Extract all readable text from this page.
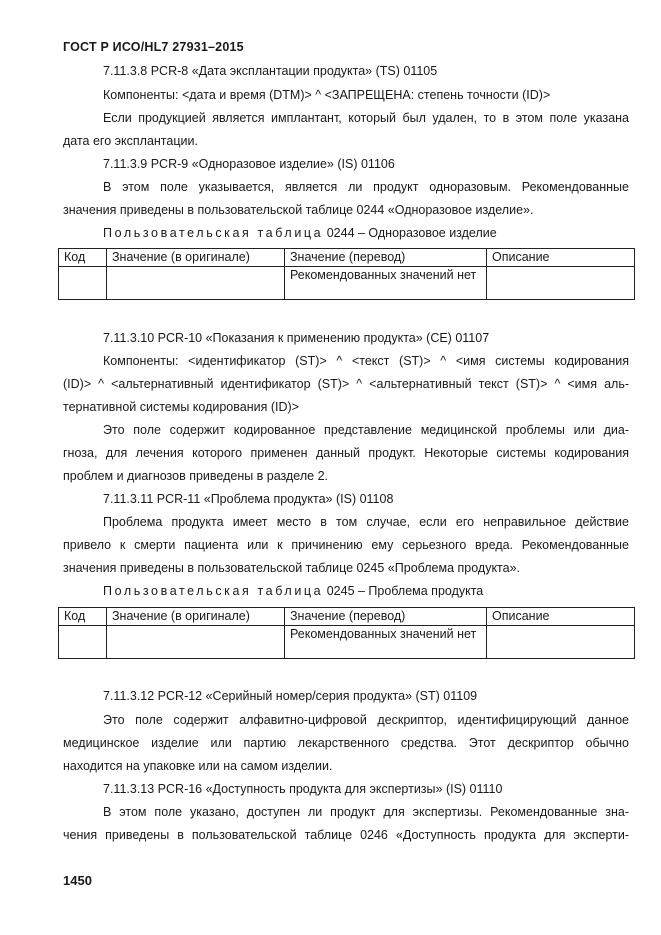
ГОСТ Р ИСО/HL7 27931–2015
7.11.3.8 PCR-8 «Дата эксплантации продукта» (TS) 01105
Компоненты: <дата и время (DTM)> ^ <ЗАПРЕЩЕНА: степень точности (ID)>
Если продукцией является имплантант, который был удален, то в этом поле указана
дата его эксплантации.
7.11.3.9 PCR-9 «Одноразовое изделие» (IS) 01106
В этом поле указывается, является ли продукт одноразовым. Рекомендованные
значения приведены в пользовательской таблице 0244 «Одноразовое изделие».
Пользовательская таблица 0244 – Одноразовое изделие
Код	Значение (в оригинале)	Значение (перевод)	Описание
		Рекомендованных значений нет	
7.11.3.10 PCR-10 «Показания к применению продукта» (CE) 01107
Компоненты: <идентификатор (ST)> ^ <текст (ST)> ^ <имя системы кодирования
(ID)> ^ <альтернативный идентификатор (ST)> ^ <альтернативный текст (ST)> ^ <имя аль-
тернативной системы кодирования (ID)>
Это поле содержит кодированное представление медицинской проблемы или диа-
гноза, для лечения которого применен данный продукт. Некоторые системы кодирования
проблем и диагнозов приведены в разделе 2.
7.11.3.11 PCR-11 «Проблема продукта» (IS) 01108
Проблема продукта имеет место в том случае, если его неправильное действие
привело к смерти пациента или к причинению ему серьезного вреда. Рекомендованные
значения приведены в пользовательской таблице 0245 «Проблема продукта».
Пользовательская таблица 0245 – Проблема продукта
Код	Значение (в оригинале)	Значение (перевод)	Описание
		Рекомендованных значений нет	
7.11.3.12 PCR-12 «Серийный номер/серия продукта» (ST) 01109
Это поле содержит алфавитно-цифровой дескриптор, идентифицирующий данное
медицинское изделие или партию лекарственного средства. Этот дескриптор обычно
находится на упаковке или на самом изделии.
7.11.3.13 PCR-16 «Доступность продукта для экспертизы» (IS) 01110
В этом поле указано, доступен ли продукт для экспертизы. Рекомендованные зна-
чения приведены в пользовательской таблице 0246 «Доступность продукта для эксперти-
1450
